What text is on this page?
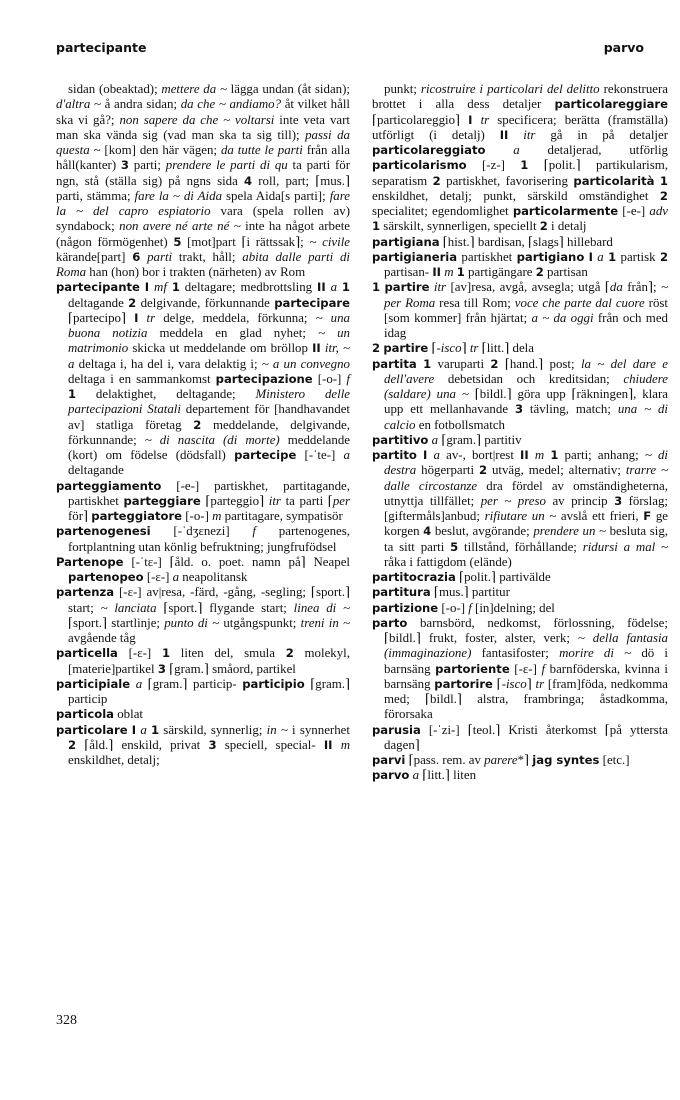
partecipante	parvo

sidan (obeaktad); mettere da ~ lägga undan (åt sidan); d'altra ~ å andra sidan; da che ~ andiamo? åt vilket håll ska vi gå?; non sapere da che ~ voltarsi inte veta vart man ska vända sig (vad man ska ta sig till); passi da questa ~ [kom] den här vägen; da tutte le parti från alla håll(kanter) 3 parti; prendere le parti di qu ta parti för ngn, stå (ställa sig) på ngns sida 4 roll, part; ⌈mus.⌉ parti, stämma; fare la ~ di Aida spela Aida[s parti]; fare la ~ del capro espiatorio vara (spela rollen av) syndabock; non avere né arte né ~ inte ha något arbete (någon förmögenhet) 5 [mot]part ⌈i rättssak⌉; ~ civile kärande[part] 6 parti trakt, håll; abita dalle parti di Roma han (hon) bor i trakten (närheten) av Rom

partecipante I mf 1 deltagare; medbrottsling II a 1 deltagande 2 delgivande, förkunnande partecipare ⌈partecipo⌉ I tr delge, meddela, förkunna; ~ una buona notizia meddela en glad nyhet; ~ un matrimonio skicka ut meddelande om bröllop II itr, ~ a deltaga i, ha del i, vara delaktig i; ~ a un convegno deltaga i en sammankomst partecipazione [-o-] f 1 delaktighet, deltagande; Ministero delle partecipazioni Statali departement för [handhavandet av] statliga företag 2 meddelande, delgivande, förkunnande; ~ di nascita (di morte) meddelande (kort) om födelse (dödsfall) partecipe [-ˈte-] a deltagande

parteggiamento [-e-] partiskhet, partitagande, partiskhet parteggiare ⌈parteggio⌉ itr ta parti ⌈per för⌉ parteggiatore [-o-] m partitagare, sympatisör

partenogenesi [-ˈdʒɛnezi] f partenogenes, fortplantning utan könlig befruktning; jungfrufödsel

Partenope [-ˈtɛ-] ⌈åld. o. poet. namn på⌉ Neapel partenopeo [-ɛ-] a neapolitansk

partenza [-ɛ-] av|resa, -färd, -gång, -segling; ⌈sport.⌉ start; ~ lanciata ⌈sport.⌉ flygande start; linea di ~ ⌈sport.⌉ startlinje; punto di ~ utgångspunkt; treni in ~ avgående tåg

particella [-ɛ-] 1 liten del, smula 2 molekyl, [materie]partikel 3 ⌈gram.⌉ småord, partikel

participiale a ⌈gram.⌉ particip- participio ⌈gram.⌉ particip

particola oblat

particolare I a 1 särskild, synnerlig; in ~ i synnerhet 2 ⌈åld.⌉ enskild, privat 3 speciell, special- II m enskildhet, detalj;

punkt; ricostruire i particolari del delitto rekonstruera brottet i alla dess detaljer particolareggiare ⌈particolareggio⌉ I tr specificera; berätta (framställa) utförligt (i detalj) II itr gå in på detaljer particolareggiato a detaljerad, utförlig particolarismo [-z-] 1 ⌈polit.⌉ partikularism, separatism 2 partiskhet, favorisering particolarità 1 enskildhet, detalj; punkt, särskild omständighet 2 specialitet; egendomlighet particolarmente [-e-] adv 1 särskilt, synnerligen, speciellt 2 i detalj

partigiana ⌈hist.⌉ bardisan, ⌈slags⌉ hillebard

partigianeria partiskhet partigiano I a 1 partisk 2 partisan- II m 1 partigängare 2 partisan

1 partire itr [av]resa, avgå, avsegla; utgå ⌈da från⌉; ~ per Roma resa till Rom; voce che parte dal cuore röst [som kommer] från hjärtat; a ~ da oggi från och med idag

2 partire ⌈-isco⌉ tr ⌈litt.⌉ dela

partita 1 varuparti 2 ⌈hand.⌉ post; la ~ del dare e dell'avere debetsidan och kreditsidan; chiudere (saldare) una ~ ⌈bildl.⌉ göra upp ⌈räkningen⌉, klara upp ett mellanhavande 3 tävling, match; una ~ di calcio en fotbollsmatch

partitivo a ⌈gram.⌉ partitiv

partito I a av-, bort|rest II m 1 parti; anhang; ~ di destra högerparti 2 utväg, medel; alternativ; trarre ~ dalle circostanze dra fördel av omständigheterna, utnyttja tillfället; per ~ preso av princip 3 förslag; [giftermåls]anbud; rifiutare un ~ avslå ett frieri, F ge korgen 4 beslut, avgörande; prendere un ~ besluta sig, ta sitt parti 5 tillstånd, förhållande; ridursi a mal ~ råka i fattigdom (elände)

partitocrazia ⌈polit.⌉ partivälde

partitura ⌈mus.⌉ partitur

partizione [-o-] f [in]delning; del

parto barnsbörd, nedkomst, förlossning, födelse; ⌈bildl.⌉ frukt, foster, alster, verk; ~ della fantasia (immaginazione) fantasifoster; morire di ~ dö i barnsäng partoriente [-ɛ-] f barnföderska, kvinna i barnsäng partorire ⌈-isco⌉ tr [fram]föda, nedkomma med; ⌈bildl.⌉ alstra, frambringa; åstadkomma, förorsaka

parusia [-ˈzi-] ⌈teol.⌉ Kristi återkomst ⌈på yttersta dagen⌉

parvi ⌈pass. rem. av parere*⌉ jag syntes [etc.]

parvo a ⌈litt.⌉ liten

328
